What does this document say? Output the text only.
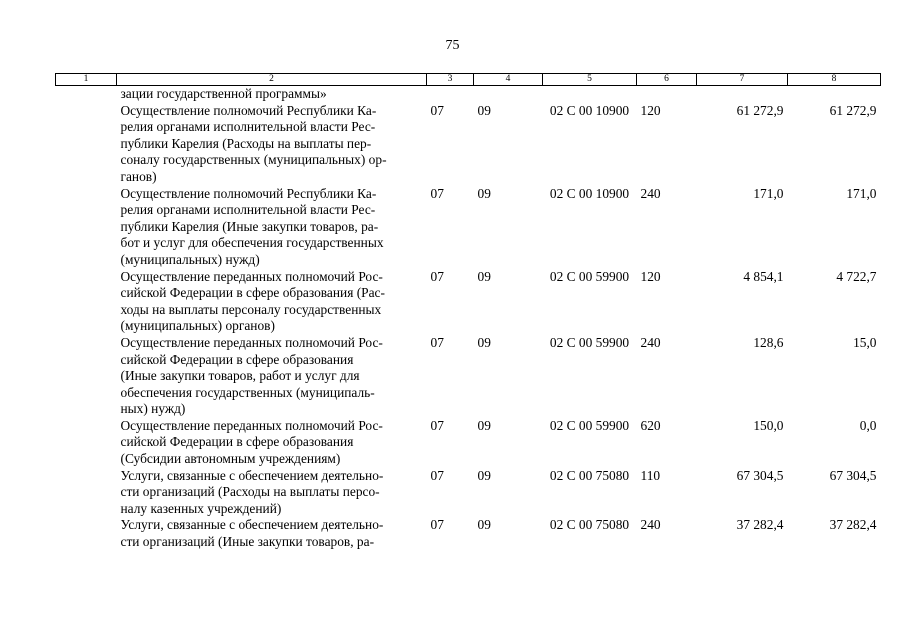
75
1	2	3	4	5	6	7	8
	зации государственной программы»						

	Осуществление полномочий Республики Ка-
релия органами исполнительной власти Рес-
публики Карелия (Расходы на выплаты пер-
соналу государственных (муниципальных) ор-
ганов)	07	09	02 С 00 10900	120	61 272,9	61 272,9

	Осуществление полномочий Республики Ка-
релия органами исполнительной власти Рес-
публики Карелия (Иные закупки товаров, ра-
бот и услуг для обеспечения государственных
(муниципальных) нужд)	07	09	02 С 00 10900	240	171,0	171,0

	Осуществление переданных полномочий Рос-
сийской Федерации в сфере образования (Рас-
ходы на выплаты персоналу государственных
(муниципальных) органов)	07	09	02 С 00 59900	120	4 854,1	4 722,7

	Осуществление переданных полномочий Рос-
сийской Федерации в сфере образования
(Иные закупки товаров, работ и услуг для
обеспечения государственных (муниципаль-
ных) нужд)	07	09	02 С 00 59900	240	128,6	15,0

	Осуществление переданных полномочий Рос-
сийской Федерации в сфере образования
(Субсидии автономным учреждениям)	07	09	02 С 00 59900	620	150,0	0,0

	Услуги, связанные с обеспечением деятельно-
сти организаций (Расходы на выплаты персо-
налу казенных учреждений)	07	09	02 С 00 75080	110	67 304,5	67 304,5

	Услуги, связанные с обеспечением деятельно-
сти организаций (Иные закупки товаров, ра-	07	09	02 С 00 75080	240	37 282,4	37 282,4
